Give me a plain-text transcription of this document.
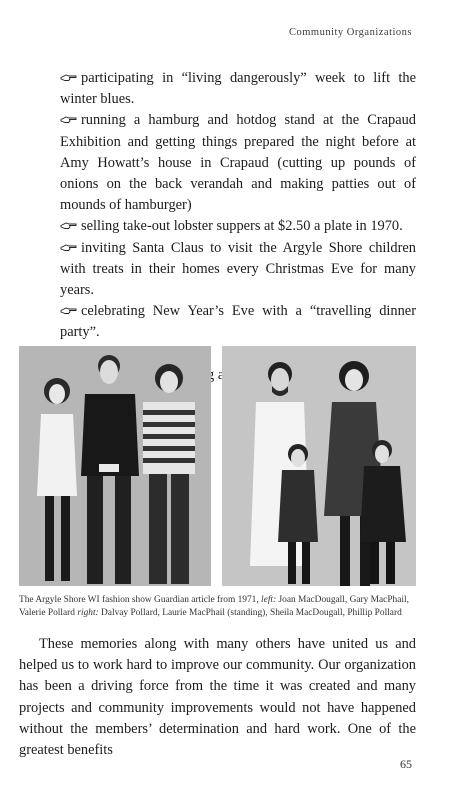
Community Organizations

participating in “living dangerously” week to lift the winter blues.

running a hamburg and hotdog stand at the Crapaud Exhibition and getting things prepared the night before at Amy Howatt’s house in Crapaud (cutting up pounds of onions on the back verandah and making patties out of mounds of hamburger)

selling take-out lobster suppers at $2.50 a plate in 1970.

inviting Santa Claus to visit the Argyle Shore children with treats in their homes every Christmas Eve for many years.

celebrating New Year’s Eve with a “travelling dinner party”.

The Argyle Shore WI fashion show Guardian article from 1971, left: Joan MacDougall, Gary MacPhail, Valerie Pollard right: Dalvay Pollard, Laurie MacPhail (standing), Sheila MacDougall, Phillip Pollard

These memories along with many others have united us and helped us to work hard to improve our community. Our organization has been a driving force from the time it was created and many projects and community improvements would not have happened without the members’ determination and hard work. One of the greatest benefits

65
